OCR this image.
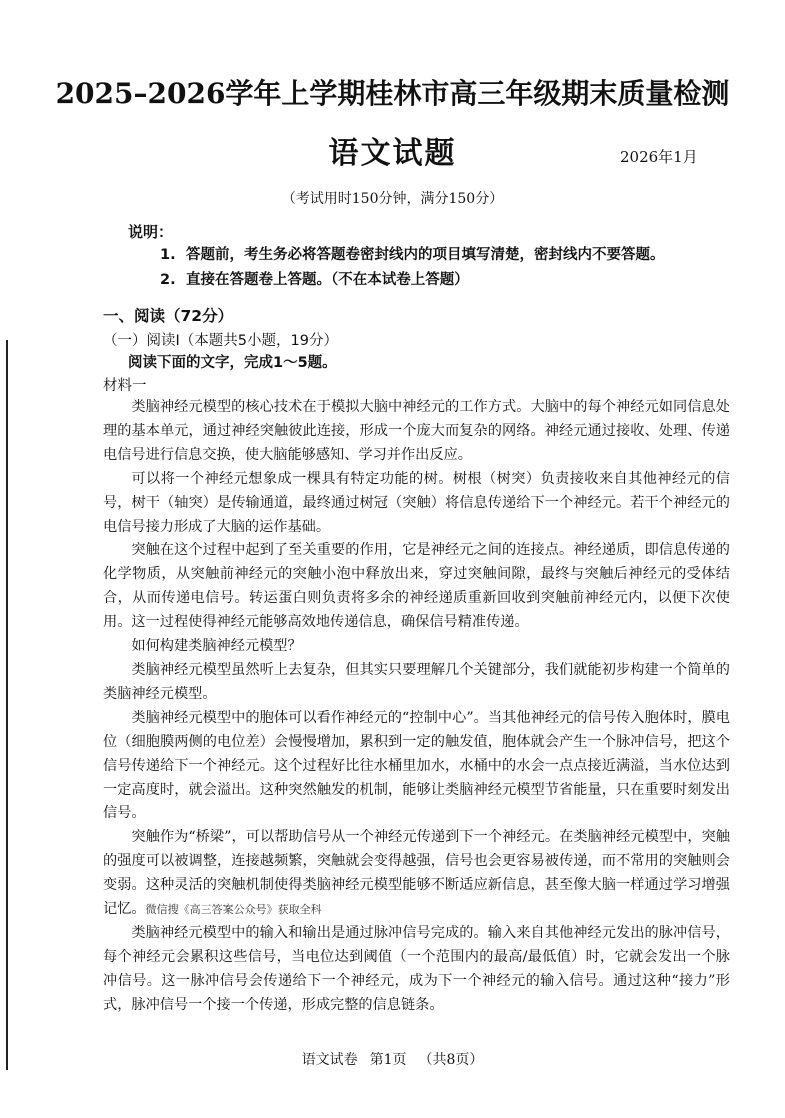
2025–2026学年上学期桂林市高三年级期末质量检测
语文试题	2026年1月
（考试用时150分钟，满分150分）
说明：
1. 答题前，考生务必将答题卷密封线内的项目填写清楚，密封线内不要答题。
2. 直接在答题卷上答题。（不在本试卷上答题）
一、阅读（72分）
（一）阅读Ⅰ（本题共5小题，19分）
阅读下面的文字，完成1～5题。
材料一

类脑神经元模型的核心技术在于模拟大脑中神经元的工作方式。大脑中的每个神经元如同信息处理的基本单元，通过神经突触彼此连接，形成一个庞大而复杂的网络。神经元通过接收、处理、传递电信号进行信息交换，使大脑能够感知、学习并作出反应。

可以将一个神经元想象成一棵具有特定功能的树。树根（树突）负责接收来自其他神经元的信号，树干（轴突）是传输通道，最终通过树冠（突触）将信息传递给下一个神经元。若干个神经元的电信号接力形成了大脑的运作基础。

突触在这个过程中起到了至关重要的作用，它是神经元之间的连接点。神经递质，即信息传递的化学物质，从突触前神经元的突触小泡中释放出来，穿过突触间隙，最终与突触后神经元的受体结合，从而传递电信号。转运蛋白则负责将多余的神经递质重新回收到突触前神经元内，以便下次使用。这一过程使得神经元能够高效地传递信息，确保信号精准传递。

如何构建类脑神经元模型？

类脑神经元模型虽然听上去复杂，但其实只要理解几个关键部分，我们就能初步构建一个简单的类脑神经元模型。

类脑神经元模型中的胞体可以看作神经元的“控制中心”。当其他神经元的信号传入胞体时，膜电位（细胞膜两侧的电位差）会慢慢增加，累积到一定的触发值，胞体就会产生一个脉冲信号，把这个信号传递给下一个神经元。这个过程好比往水桶里加水，水桶中的水会一点点接近满溢，当水位达到一定高度时，就会溢出。这种突然触发的机制，能够让类脑神经元模型节省能量，只在重要时刻发出信号。

突触作为“桥梁”，可以帮助信号从一个神经元传递到下一个神经元。在类脑神经元模型中，突触的强度可以被调整，连接越频繁，突触就会变得越强，信号也会更容易被传递，而不常用的突触则会变弱。这种灵活的突触机制使得类脑神经元模型能够不断适应新信息，甚至像大脑一样通过学习增强记忆。微信搜《高三答案公众号》获取全科

类脑神经元模型中的输入和输出是通过脉冲信号完成的。输入来自其他神经元发出的脉冲信号，每个神经元会累积这些信号，当电位达到阈值（一个范围内的最高/最低值）时，它就会发出一个脉冲信号。这一脉冲信号会传递给下一个神经元，成为下一个神经元的输入信号。通过这种“接力”形式，脉冲信号一个接一个传递，形成完整的信息链条。

语文试卷 第1页 （共8页）
